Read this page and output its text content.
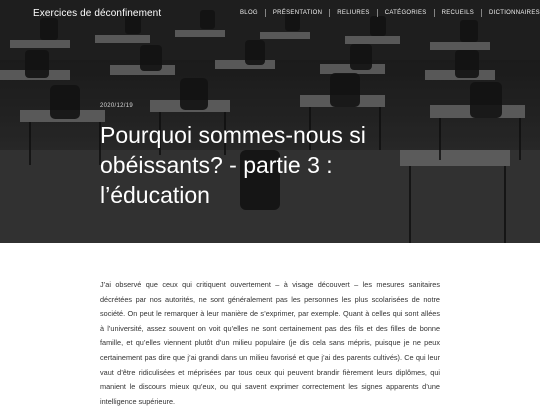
Exercices de déconfinement	BLOG	PRÉSENTATION	RELIURES	CATÉGORIES	RECUEILS	DICTIONNAIRES
2020/12/19
Pourquoi sommes-nous si obéissants? - partie 3 : l’éducation

J’ai observé que ceux qui critiquent ouvertement – à visage découvert – les mesures sanitaires décrétées par nos autorités, ne sont généralement pas les personnes les plus scolarisées de notre société. On peut le remarquer à leur manière de s’exprimer, par exemple. Quant à celles qui sont allées à l’université, assez souvent on voit qu’elles ne sont certainement pas des fils et des filles de bonne famille, et qu’elles viennent plutôt d’un milieu populaire (je dis cela sans mépris, puisque je ne peux certainement pas dire que j’ai grandi dans un milieu favorisé et que j’ai des parents cultivés). Ce qui leur vaut d’être ridiculisées et méprisées par tous ceux qui peuvent brandir fièrement leurs diplômes, qui manient le discours mieux qu’eux, ou qui savent exprimer correctement les signes apparents d’une intelligence supérieure.
